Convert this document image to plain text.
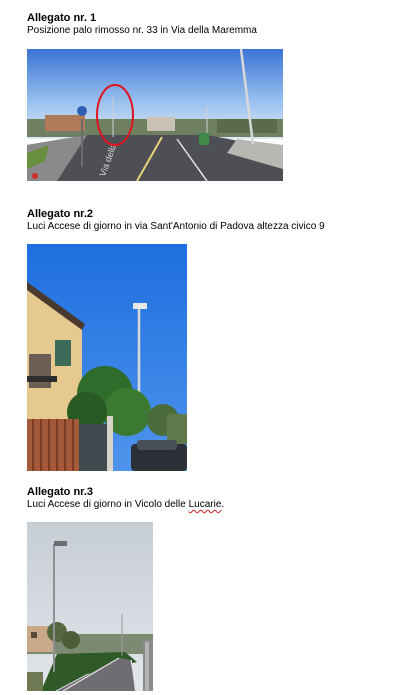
Allegato nr. 1
Posizione palo rimosso nr. 33 in Via della Maremma
Via della
Allegato nr.2
Luci Accese di giorno in via Sant'Antonio di Padova altezza civico 9
Allegato nr.3
Luci Accese di giorno in Vicolo delle Lucarie.
